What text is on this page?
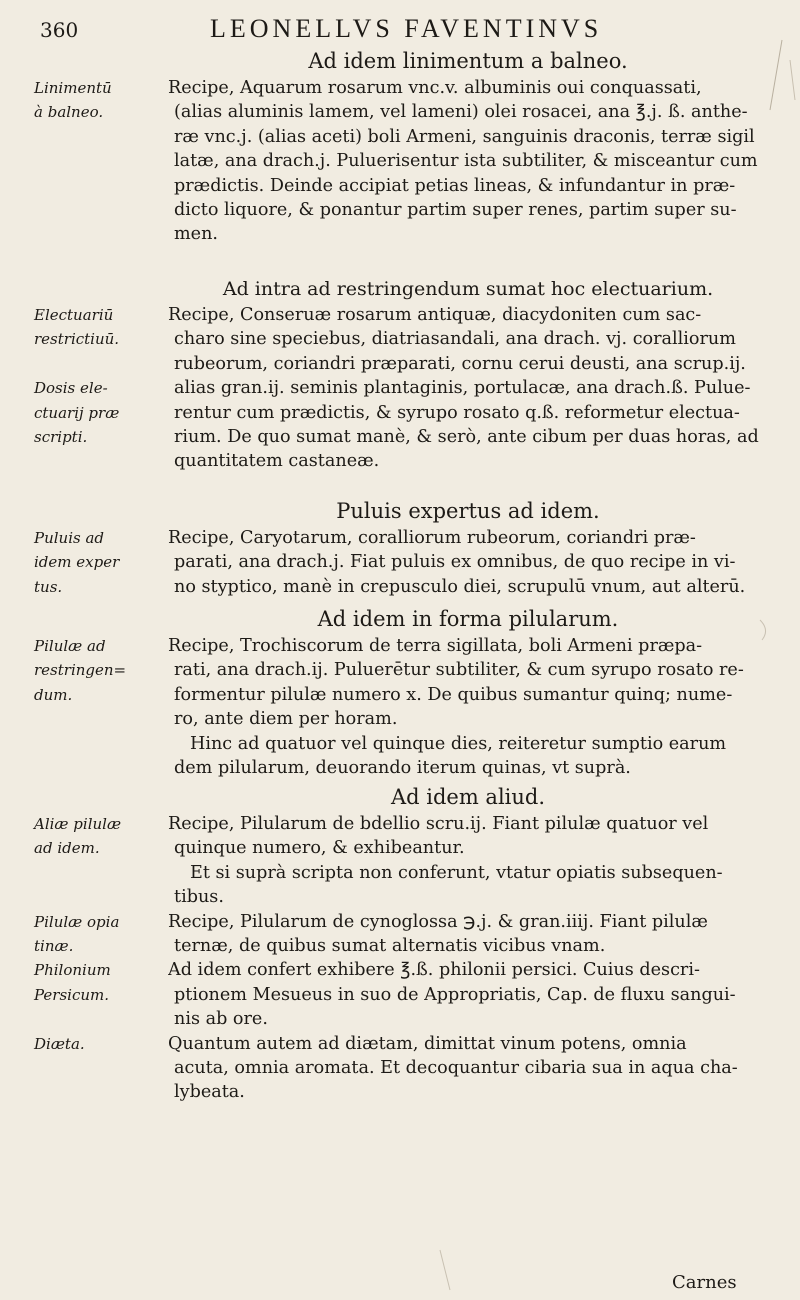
360	LEONELLVS FAVENTINVS
Ad idem linimentum a balneo.
Linimentū
à balneo.
Recipe, Aquarum rosarum vnc.v. albuminis oui conquassati,
(alias aluminis lamem, vel lameni) olei rosacei, ana ℥.j. ß. anthe-
ræ vnc.j. (alias aceti) boli Armeni, sanguinis draconis, terræ sigil
latæ, ana drach.j. Puluerisentur ista subtiliter, & misceantur cum
prædictis. Deinde accipiat petias lineas, & infundantur in præ-
dicto liquore, & ponantur partim super renes, partim super su-
men.
Ad intra ad restringendum sumat hoc electuarium.
Electuariū
restrictiuū.
Dosis ele-
ctuarij præ
scripti.
Recipe, Conseruæ rosarum antiquæ, diacydoniten cum sac-
charo sine speciebus, diatriasandali, ana drach. vj. coralliorum
rubeorum, coriandri præparati, cornu cerui deusti, ana scrup.ij.
alias gran.ij. seminis plantaginis, portulacæ, ana drach.ß. Pulue-
rentur cum prædictis, & syrupo rosato q.ß. reformetur electua-
rium. De quo sumat manè, & serò, ante cibum per duas horas, ad
quantitatem castaneæ.
Puluis expertus ad idem.
Puluis ad
idem exper
tus.
Recipe, Caryotarum, coralliorum rubeorum, coriandri præ-
parati, ana drach.j. Fiat puluis ex omnibus, de quo recipe in vi-
no styptico, manè in crepusculo diei, scrupulū vnum, aut alterū.
Ad idem in forma pilularum.
Pilulæ ad
restringen=
dum.
Recipe, Trochiscorum de terra sigillata, boli Armeni præpa-
rati, ana drach.ij. Puluerētur subtiliter, & cum syrupo rosato re-
formentur pilulæ numero x. De quibus sumantur quinq; nume-
ro, ante diem per horam.
Hinc ad quatuor vel quinque dies, reiteretur sumptio earum
dem pilularum, deuorando iterum quinas, vt suprà.
Ad idem aliud.
Aliæ pilulæ
ad idem.
Pilulæ opia
tinæ.
Philonium
Persicum.
Diæta.
Recipe, Pilularum de bdellio scru.ij. Fiant pilulæ quatuor vel
quinque numero, & exhibeantur.
Et si suprà scripta non conferunt, vtatur opiatis subsequen-
tibus.
Recipe, Pilularum de cynoglossa ℈.j. & gran.iiij. Fiant pilulæ
ternæ, de quibus sumat alternatis vicibus vnam.
Ad idem confert exhibere ℥.ß. philonii persici. Cuius descri-
ptionem Mesueus in suo de Appropriatis, Cap. de fluxu sangui-
nis ab ore.
Quantum autem ad diætam, dimittat vinum potens, omnia
acuta, omnia aromata. Et decoquantur cibaria sua in aqua cha-
lybeata.
Carnes
